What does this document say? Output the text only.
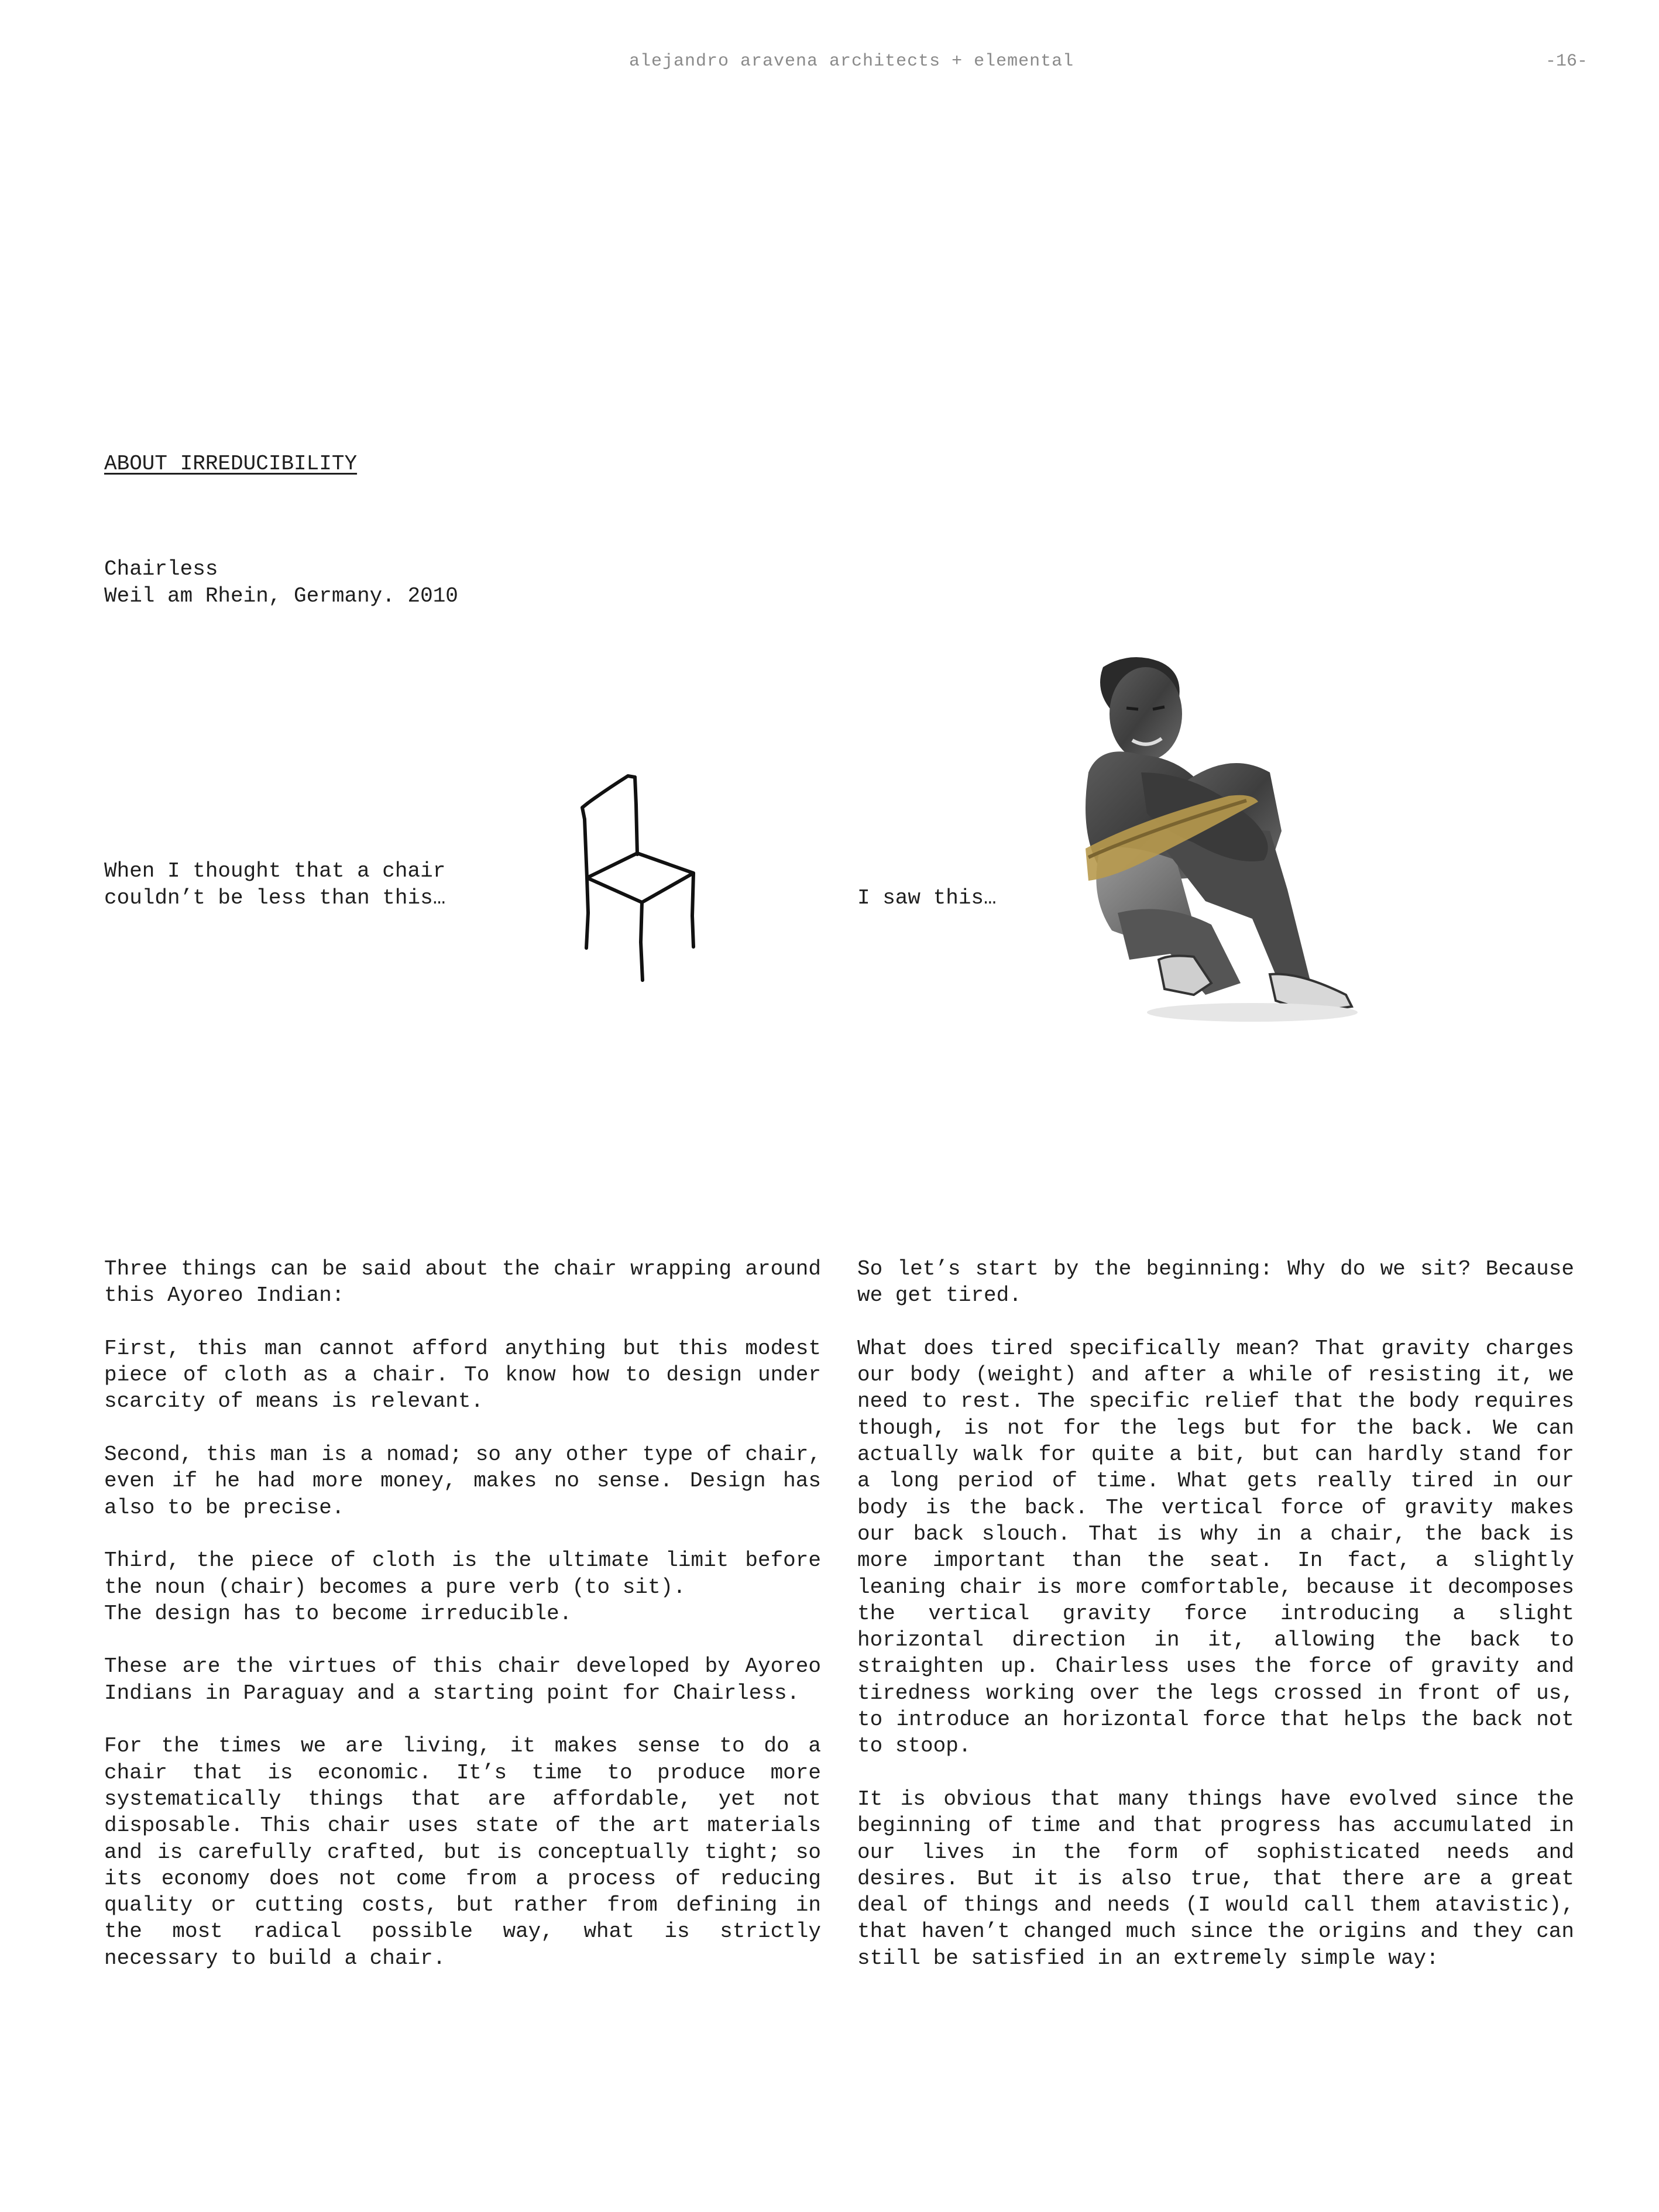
alejandro aravena architects + elemental	-16-
ABOUT IRREDUCIBILITY
Chairless
Weil am Rhein, Germany. 2010
When I thought that a chair
couldn’t be less than this…	I saw this…

Three things can be said about the chair wrapping around this Ayoreo Indian:

First, this man cannot afford anything but this modest piece of cloth as a chair. To know how to design under scarcity of means is relevant.

Second, this man is a nomad; so any other type of chair, even if he had more money, makes no sense. Design has also to be precise.

Third, the piece of cloth is the ultimate limit before the noun (chair) becomes a pure verb (to sit).
The design has to become irreducible.

These are the virtues of this chair developed by Ayoreo Indians in Paraguay and a starting point for Chairless.

For the times we are living, it makes sense to do a chair that is economic. It’s time to produce more systematically things that are affordable, yet not disposable. This chair uses state of the art materials and is carefully crafted, but is conceptually tight; so its economy does not come from a process of reducing quality or cutting costs, but rather from defining in the most radical possible way, what is strictly necessary to build a chair.

So let’s start by the beginning: Why do we sit? Because we get tired.

What does tired specifically mean? That gravity charges our body (weight) and after a while of resisting it, we need to rest. The specific relief that the body requires though, is not for the legs but for the back. We can actually walk for quite a bit, but can hardly stand for a long period of time. What gets really tired in our body is the back. The vertical force of gravity makes our back slouch. That is why in a chair, the back is more important than the seat. In fact, a slightly leaning chair is more comfortable, because it decomposes the vertical gravity force introducing a slight horizontal direction in it, allowing the back to straighten up. Chairless uses the force of gravity and tiredness working over the legs crossed in front of us, to introduce an horizontal force that helps the back not to stoop.

It is obvious that many things have evolved since the beginning of time and that progress has accumulated in our lives in the form of sophisticated needs and desires. But it is also true, that there are a great deal of things and needs (I would call them atavistic), that haven’t changed much since the origins and they can still be satisfied in an extremely simple way:
